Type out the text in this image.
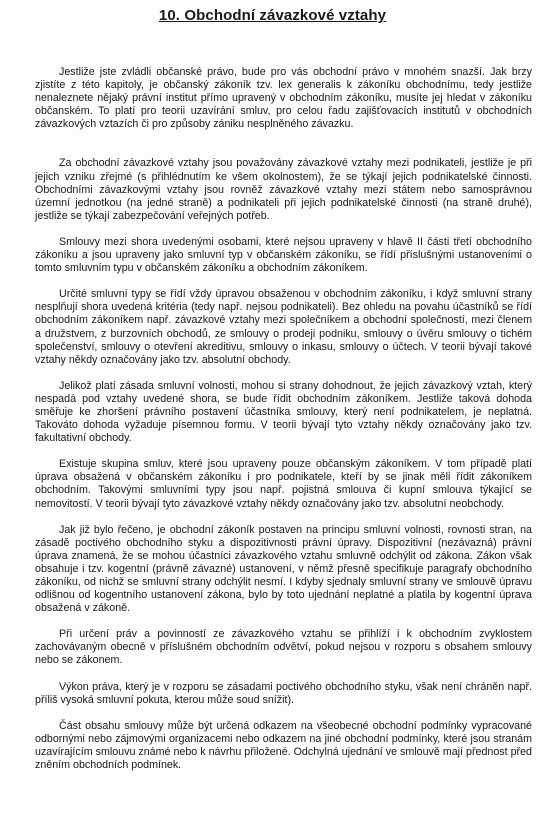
10. Obchodní závazkové vztahy

Jestliže jste zvládli občanské právo, bude pro vás obchodní právo v mnohém snazší. Jak brzy zjistíte z této kapitoly, je občanský zákoník tzv. lex generalis k zákoníku obchodnímu, tedy jestliže nenaleznete nějaký právní institut přímo upravený v obchodním zákoníku, musíte jej hledat v zákoníku občanském. To platí pro teorii uzavírání smluv, pro celou řadu zajišťovacích institutů v obchodních závazkových vztazích či pro způsoby zániku nesplněného závazku.

Za obchodní závazkové vztahy jsou považovány závazkové vztahy mezi podnikateli, jestliže je při jejich vzniku zřejmé (s přihlédnutím ke všem okolnostem), že se týkají jejich podnikatelské činnosti. Obchodními závazkovými vztahy jsou rovněž závazkové vztahy mezi státem nebo samosprávnou územní jednotkou (na jedné straně) a podnikateli při jejich podnikatelské činnosti (na straně druhé), jestliže se týkají zabezpečování veřejných potřeb.

Smlouvy mezi shora uvedenými osobami, které nejsou upraveny v hlavě II části třetí obchodního zákoníku a jsou upraveny jako smluvní typ v občanském zákoníku, se řídí příslušnými ustanoveními o tomto smluvním typu v občanském zákoníku a obchodním zákoníkem.

Určité smluvní typy se řídí vždy úpravou obsaženou v obchodním zákoníku, i když smluvní strany nesplňují shora uvedená kritéria (tedy např. nejsou podnikateli). Bez ohledu na povahu účastníků se řídí obchodním zákoníkem např. závazkové vztahy mezi společníkem a obchodní společností, mezi členem a družstvem, z burzovních obchodů, ze smlouvy o prodeji podniku, smlouvy o úvěru smlouvy o tichém společenství, smlouvy o otevření akreditivu, smlouvy o inkasu, smlouvy o účtech. V teorii bývají takové vztahy někdy označovány jako tzv. absolutní obchody.

Jelikož platí zásada smluvní volnosti, mohou si strany dohodnout, že jejich závazkový vztah, který nespadá pod vztahy uvedené shora, se bude řídit obchodním zákoníkem. Jestliže taková dohoda směřuje ke zhoršení právního postavení účastníka smlouvy, který není podnikatelem, je neplatná. Takováto dohoda vyžaduje písemnou formu. V teorii bývají tyto vztahy někdy označovány jako tzv. fakultativní obchody.

Existuje skupina smluv, které jsou upraveny pouze občanským zákoníkem. V tom případě platí úprava obsažená v občanském zákoníku i pro podnikatele, kteří by se jinak měli řídit zákoníkem obchodním. Takovými smluvními typy jsou např. pojistná smlouva či kupní smlouva týkající se nemovitostí. V teorii bývají tyto závazkové vztahy někdy označovány jako tzv. absolutní neobchody.

Jak již bylo řečeno, je obchodní zákoník postaven na principu smluvní volnosti, rovnosti stran, na zásadě poctivého obchodního styku a dispozitivnosti právní úpravy. Dispozitivní (nezávazná) právní úprava znamená, že se mohou účastníci závazkového vztahu smluvně odchýlit od zákona. Zákon však obsahuje i tzv. kogentní (právně závazné) ustanovení, v němž přesně specifikuje paragrafy obchodního zákoníku, od nichž se smluvní strany odchýlit nesmí. I kdyby sjednaly smluvní strany ve smlouvě úpravu odlišnou od kogentního ustanovení zákona, bylo by toto ujednání neplatné a platila by kogentní úprava obsažená v zákoně.

Při určení práv a povinností ze závazkového vztahu se přihlíží i k obchodním zvyklostem zachovávaným obecně v příslušném obchodním odvětví, pokud nejsou v rozporu s obsahem smlouvy nebo se zákonem.

Výkon práva, který je v rozporu se zásadami poctivého obchodního styku, však není chráněn např. příliš vysoká smluvní pokuta, kterou může soud snížit).

Část obsahu smlouvy může být určená odkazem na všeobecné obchodní podmínky vypracované odbornými nebo zájmovými organizacemi nebo odkazem na jiné obchodní podmínky, které jsou stranám uzavírajícím smlouvu známé nebo k návrhu přiložené. Odchylná ujednání ve smlouvě mají přednost před zněním obchodních podmínek.
